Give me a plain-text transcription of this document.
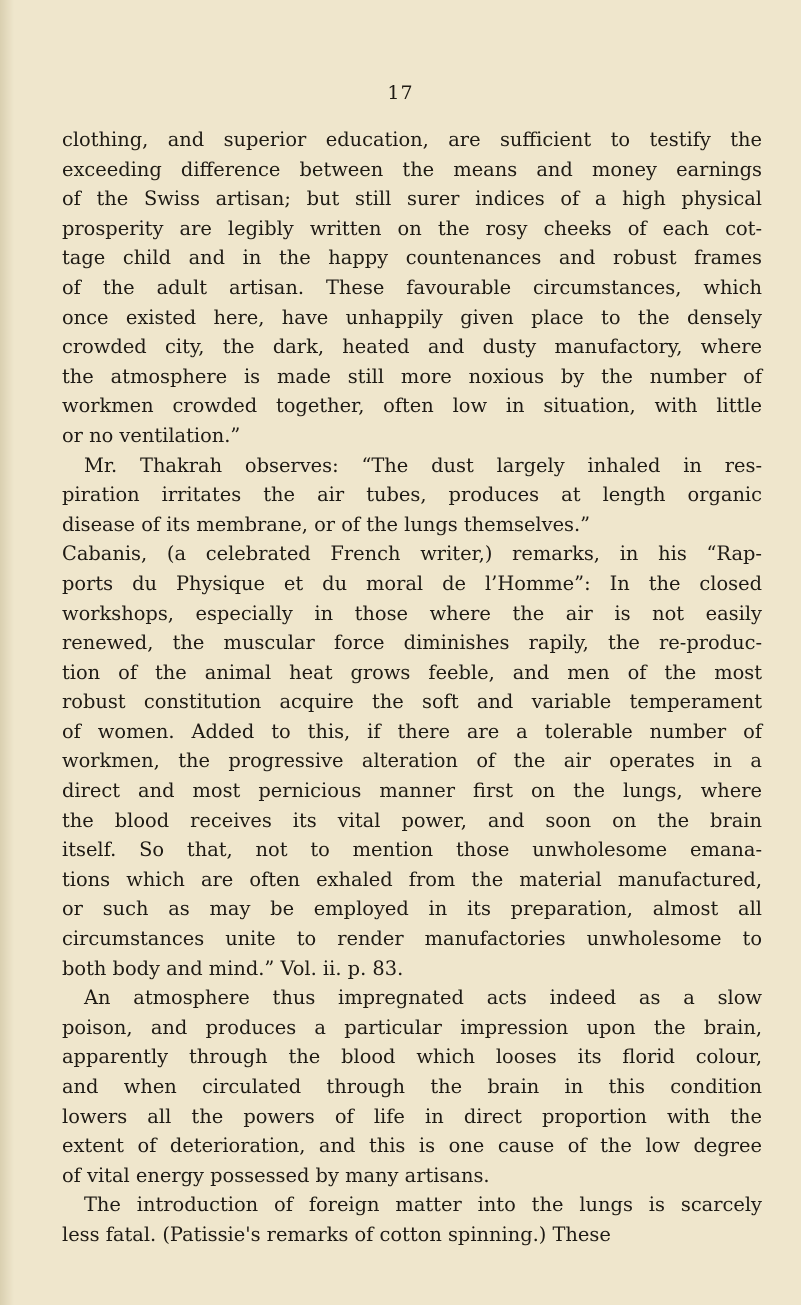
17
clothing, and superior education, are sufficient to testify the
exceeding difference between the means and money earnings
of the Swiss artisan; but still surer indices of a high physical
prosperity are legibly written on the rosy cheeks of each cot-
tage child and in the happy countenances and robust frames
of the adult artisan. These favourable circumstances, which
once existed here, have unhappily given place to the densely
crowded city, the dark, heated and dusty manufactory, where
the atmosphere is made still more noxious by the number of
workmen crowded together, often low in situation, with little
or no ventilation.”
Mr. Thakrah observes: “The dust largely inhaled in res-
piration irritates the air tubes, produces at length organic
disease of its membrane, or of the lungs themselves.”
Cabanis, (a celebrated French writer,) remarks, in his “Rap-
ports du Physique et du moral de l’Homme”: In the closed
workshops, especially in those where the air is not easily
renewed, the muscular force diminishes rapily, the re-produc-
tion of the animal heat grows feeble, and men of the most
robust constitution acquire the soft and variable temperament
of women. Added to this, if there are a tolerable number of
workmen, the progressive alteration of the air operates in a
direct and most pernicious manner first on the lungs, where
the blood receives its vital power, and soon on the brain
itself. So that, not to mention those unwholesome emana-
tions which are often exhaled from the material manufactured,
or such as may be employed in its preparation, almost all
circumstances unite to render manufactories unwholesome to
both body and mind.” Vol. ii. p. 83.
An atmosphere thus impregnated acts indeed as a slow
poison, and produces a particular impression upon the brain,
apparently through the blood which looses its florid colour,
and when circulated through the brain in this condition
lowers all the powers of life in direct proportion with the
extent of deterioration, and this is one cause of the low degree
of vital energy possessed by many artisans.
The introduction of foreign matter into the lungs is scarcely
less fatal. (Patissie's remarks of cotton spinning.) These
